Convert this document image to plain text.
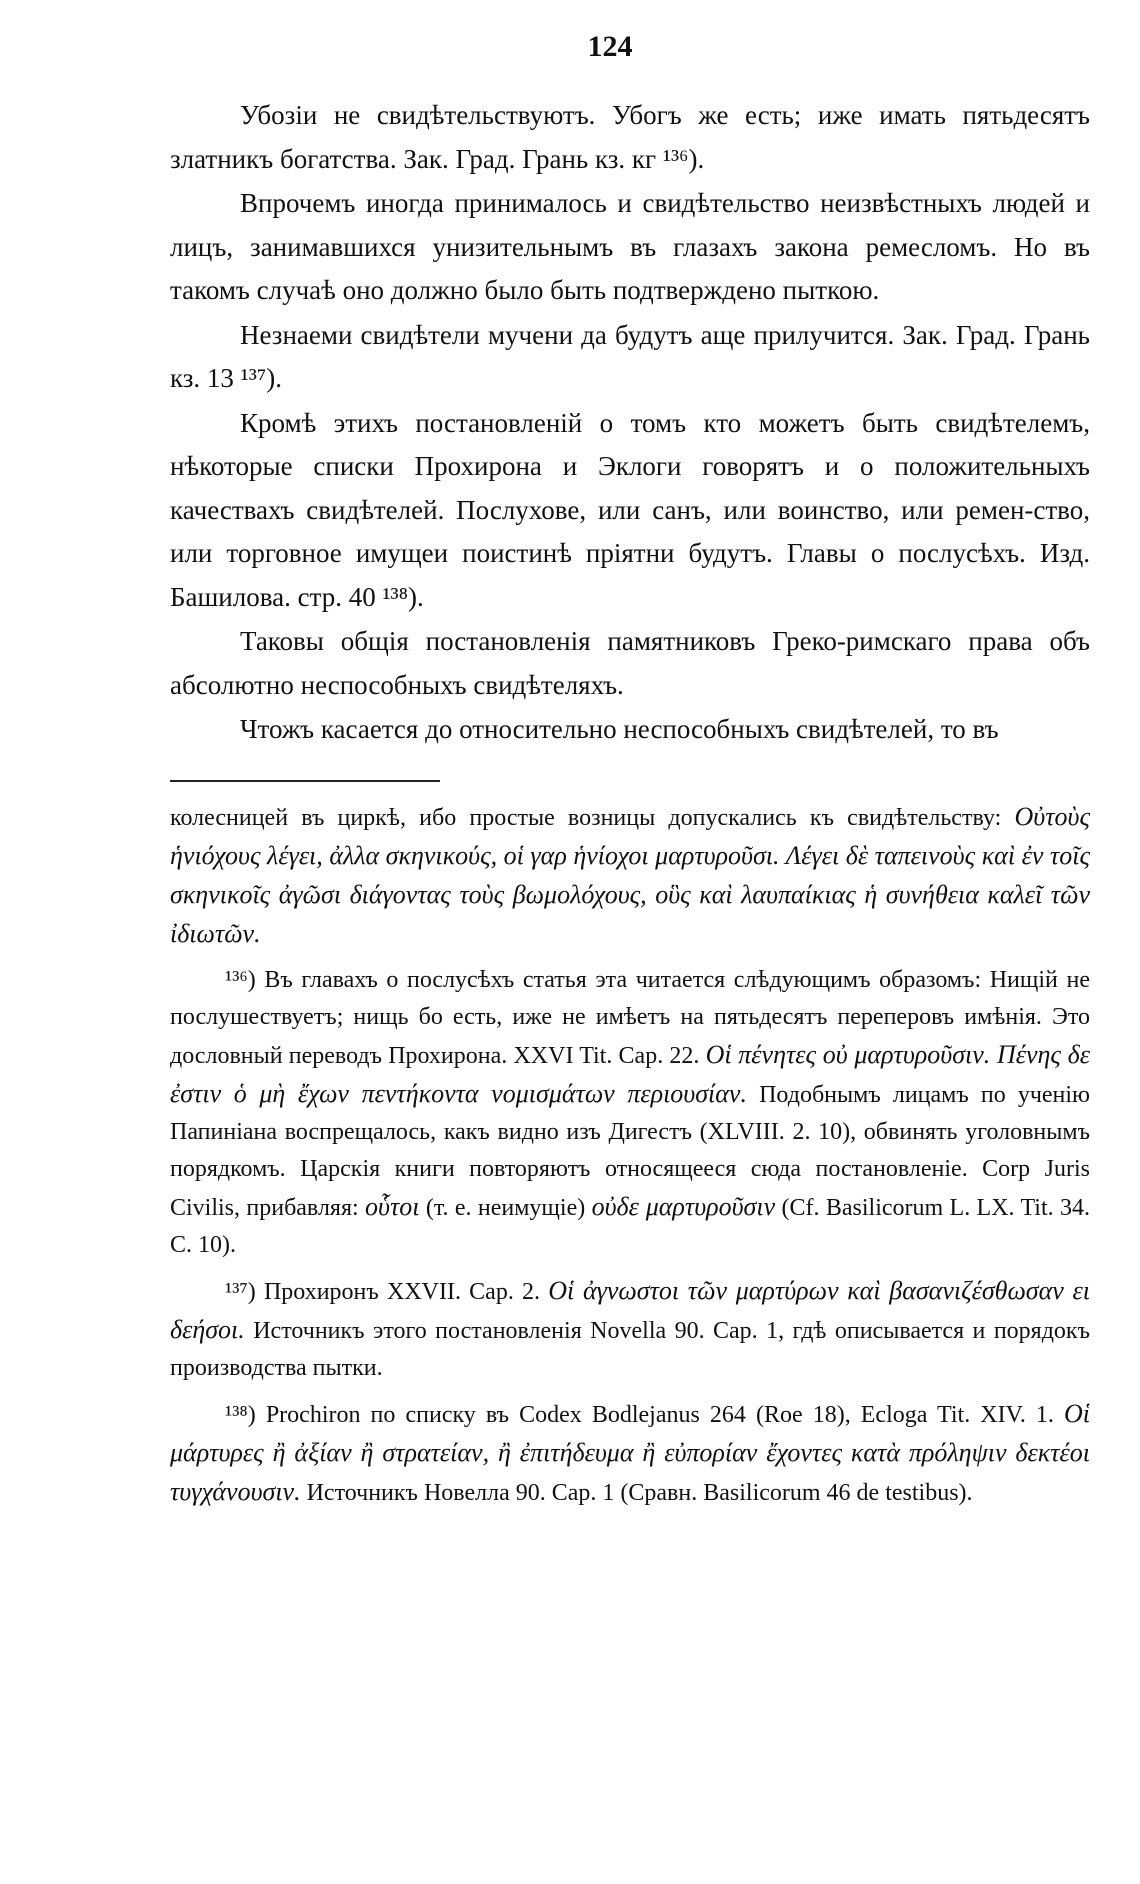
124

Убозіи не свидѣтельствуютъ. Убогъ же есть; иже имать пятьдесятъ златникъ богатства. Зак. Град. Грань кз. кг ¹³⁶).

Впрочемъ иногда принималось и свидѣтельство неизвѣстныхъ людей и лицъ, занимавшихся унизительнымъ въ глазахъ закона ремесломъ. Но въ такомъ случаѣ оно должно было быть подтверждено пыткою.

Незнаеми свидѣтели мучени да будутъ аще прилучится. Зак. Град. Грань кз. 13 ¹³⁷).

Кромѣ этихъ постановленій о томъ кто можетъ быть свидѣтелемъ, нѣкоторые списки Прохирона и Эклоги говорятъ и о положительныхъ качествахъ свидѣтелей. Послухове, или санъ, или воинство, или ремен-ство, или торговное имущеи поистинѣ пріятни будутъ. Главы о послусѣхъ. Изд. Башилова. стр. 40 ¹³⁸).

Таковы общія постановленія памятниковъ Греко-римскаго права объ абсолютно неспособныхъ свидѣтеляхъ.

Чтожъ касается до относительно неспособныхъ свидѣтелей, то въ

колесницей въ циркѣ, ибо простые возницы допускались къ свидѣтельству: Οὐτοὺς ἡνιόχους λέγει, ἀλλα σκηνικούς, οἱ γαρ ἡνίοχοι μαρτυροῦσι. Λέγει δὲ ταπεινοὺς καὶ ἐν τοῖς σκηνικοῖς ἀγῶσι διάγοντας τοὺς βωμολόχους, οὓς καὶ λαυπαίκιας ἡ συνήθεια καλεῖ τῶν ἰδιωτῶν.

¹³⁶) Въ главахъ о послусѣхъ статья эта читается слѣдующимъ образомъ: Нищій не послушествуетъ; нищь бо есть, иже не имѣетъ на пятьдесятъ переперовъ имѣнія. Это дословный переводъ Прохирона. XXVI Tit. Cap. 22. Οἱ πένητες οὐ μαρτυροῦσιν. Πένης δε ἐστιν ὁ μὴ ἔχων πεντήκοντα νομισμάτων περιουσίαν. Подобнымъ лицамъ по ученію Папиніана воспрещалось, какъ видно изъ Дигестъ (XLVIII. 2. 10), обвинять уголовнымъ порядкомъ. Царскія книги повторяютъ относящееся сюда постановленіе. Corp Juris Civilis, прибавляя: οὗτοι (т. е. неимущіе) οὐδε μαρτυροῦσιν (Cf. Basilicorum L. LX. Tit. 34. C. 10).

¹³⁷) Прохиронъ XXVII. Cap. 2. Οἱ ἀγνωστοι τῶν μαρτύρων καὶ βασανιζέσθωσαν ει δεήσοι. Источникъ этого постановленія Novella 90. Cap. 1, гдѣ описывается и порядокъ производства пытки.

¹³⁸) Prochiron по списку въ Codex Bodlejanus 264 (Roe 18), Ecloga Tit. XIV. 1. Οἱ μάρτυρες ἢ ἀξίαν ἢ στρατείαν, ἢ ἐπιτήδευμα ἢ εὐπορίαν ἔχοντες κατὰ πρόληψιν δεκτέοι τυγχάνουσιν. Источникъ Новелла 90. Cap. 1 (Сравн. Basilicorum 46 de testibus).
